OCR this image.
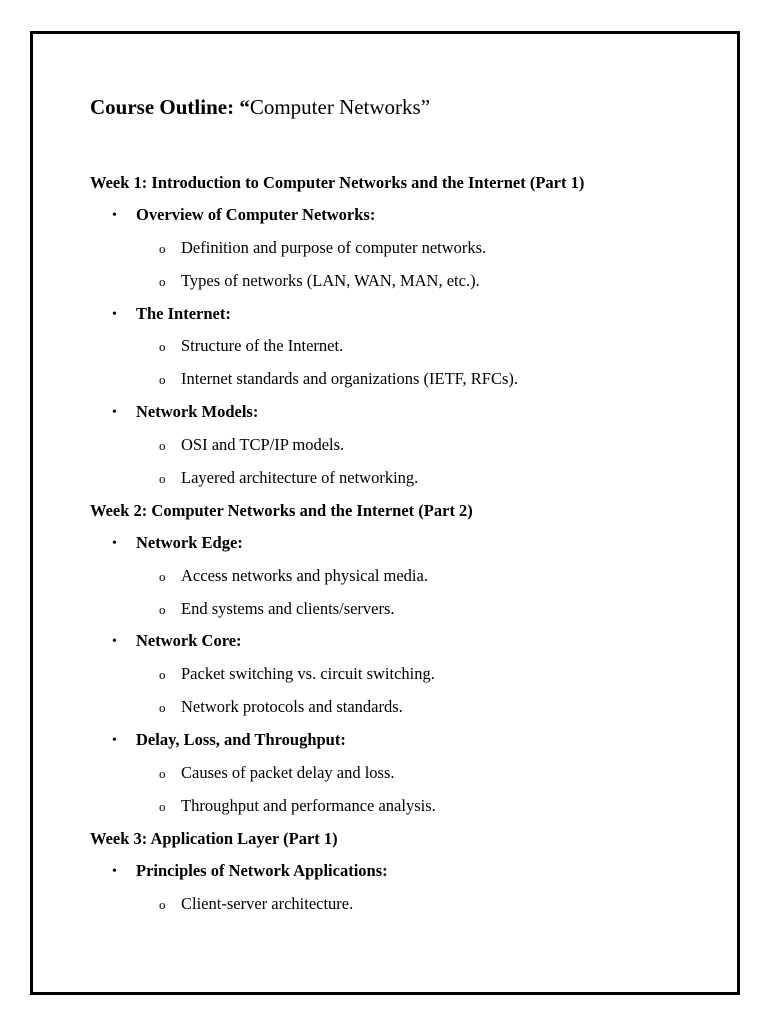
Course Outline: “Computer Networks”
Week 1: Introduction to Computer Networks and the Internet (Part 1)
• Overview of Computer Networks:
o Definition and purpose of computer networks.
o Types of networks (LAN, WAN, MAN, etc.).
• The Internet:
o Structure of the Internet.
o Internet standards and organizations (IETF, RFCs).
• Network Models:
o OSI and TCP/IP models.
o Layered architecture of networking.
Week 2: Computer Networks and the Internet (Part 2)
• Network Edge:
o Access networks and physical media.
o End systems and clients/servers.
• Network Core:
o Packet switching vs. circuit switching.
o Network protocols and standards.
• Delay, Loss, and Throughput:
o Causes of packet delay and loss.
o Throughput and performance analysis.
Week 3: Application Layer (Part 1)
• Principles of Network Applications:
o Client-server architecture.
